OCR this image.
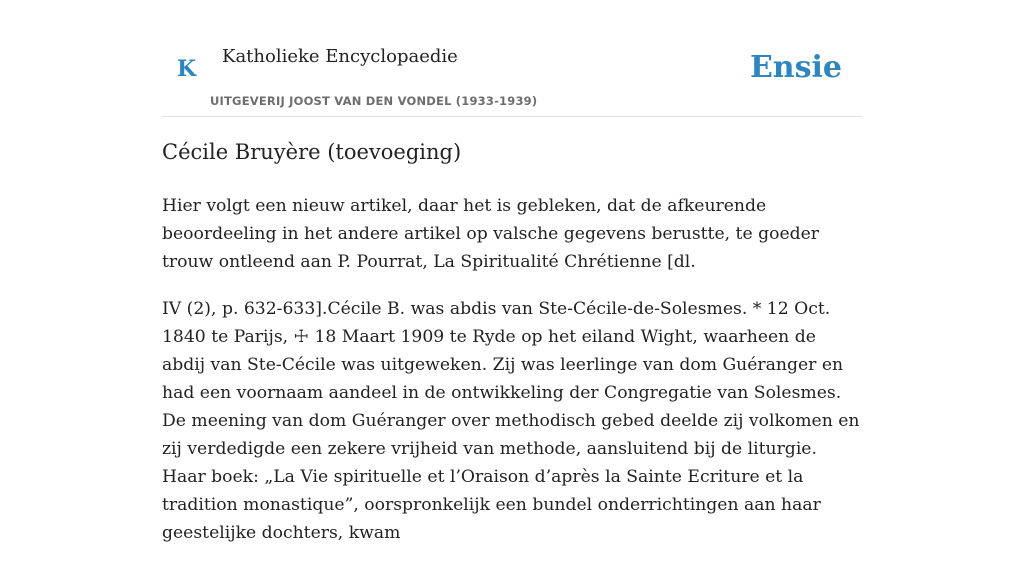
K Katholieke Encyclopaedie
UITGEVERIJ JOOST VAN DEN VONDEL (1933-1939)
Ensie
Cécile Bruyère (toevoeging)

Hier volgt een nieuw artikel, daar het is gebleken, dat de afkeurende beoordeeling in het andere artikel op valsche gegevens berustte, te goeder trouw ontleend aan P. Pourrat, La Spiritualité Chrétienne [dl.

IV (2), p. 632-633].Cécile B. was abdis van Ste-Cécile-de-Solesmes. * 12 Oct. 1840 te Parijs, ☩ 18 Maart 1909 te Ryde op het eiland Wight, waarheen de abdij van Ste-Cécile was uitgeweken. Zij was leerlinge van dom Guéranger en had een voornaam aandeel in de ontwikkeling der Congregatie van Solesmes. De meening van dom Guéranger over methodisch gebed deelde zij volkomen en zij verdedigde een zekere vrijheid van methode, aansluitend bij de liturgie. Haar boek: „La Vie spirituelle et l’Oraison d’après la Sainte Ecriture et la tradition monastique”, oorspronkelijk een bundel onderrichtingen aan haar geestelijke dochters, kwam
